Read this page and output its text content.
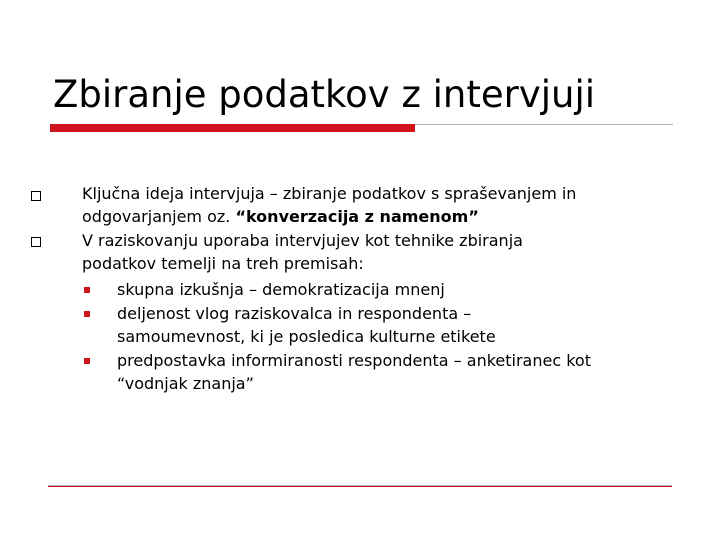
Zbiranje podatkov z intervjuji
Ključna ideja intervjuja – zbiranje podatkov s spraševanjem in
odgovarjanjem oz. “konverzacija z namenom”
V raziskovanju uporaba intervjujev kot tehnike zbiranja
podatkov temelji na treh premisah:
skupna izkušnja – demokratizacija mnenj
deljenost vlog raziskovalca in respondenta –
samoumevnost, ki je posledica kulturne etikete
predpostavka informiranosti respondenta – anketiranec kot
“vodnjak znanja”
